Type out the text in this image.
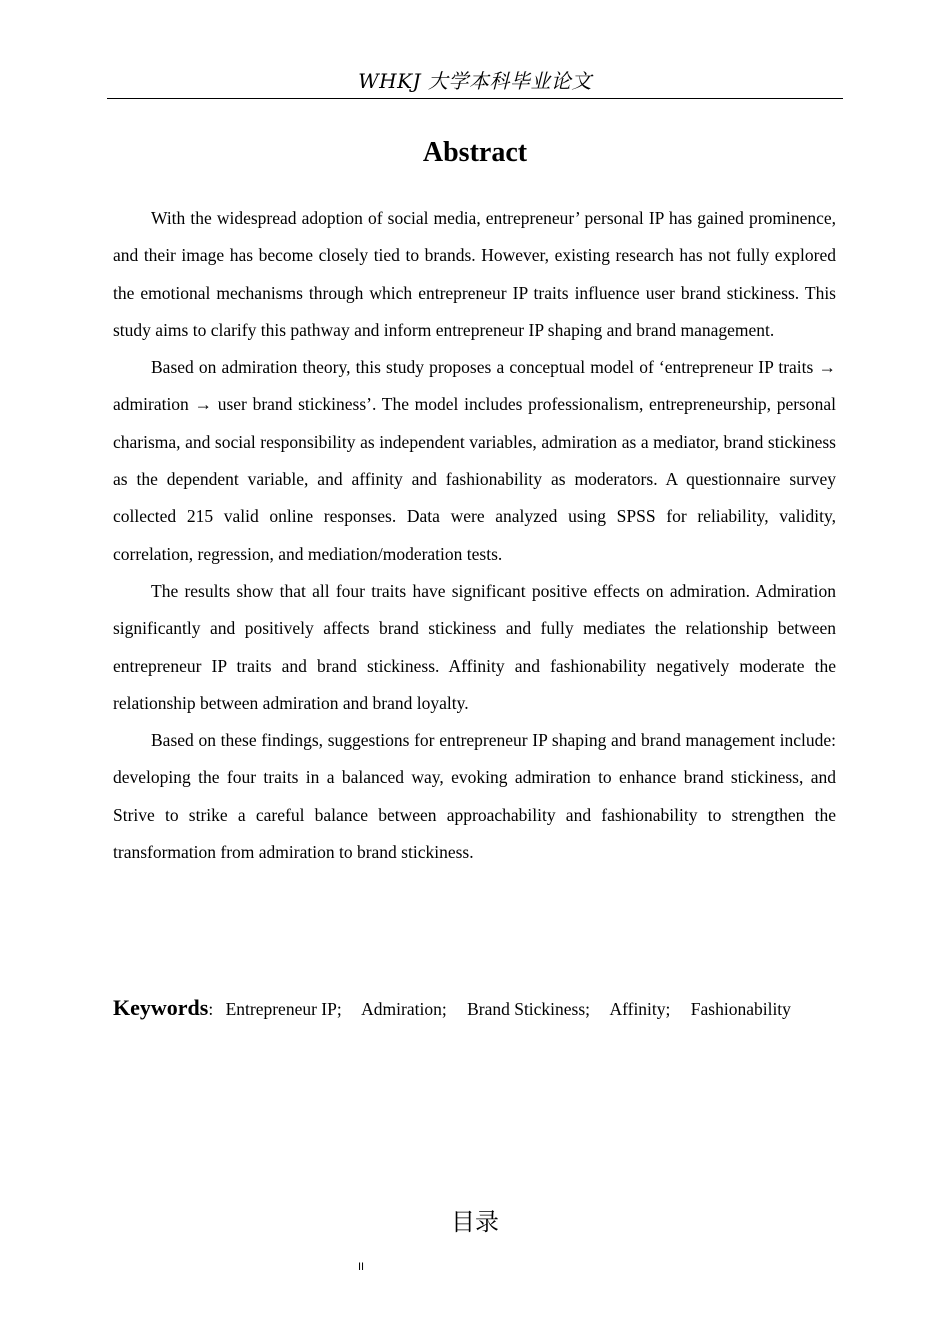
WHKJ 大学本科毕业论文
Abstract

With the widespread adoption of social media, entrepreneur’ personal IP has gained prominence, and their image has become closely tied to brands. However, existing research has not fully explored the emotional mechanisms through which entrepreneur IP traits influence user brand stickiness. This study aims to clarify this pathway and inform entrepreneur IP shaping and brand management.

Based on admiration theory, this study proposes a conceptual model of ‘entrepreneur IP traits → admiration → user brand stickiness’. The model includes professionalism, entrepreneurship, personal charisma, and social responsibility as independent variables, admiration as a mediator, brand stickiness as the dependent variable, and affinity and fashionability as moderators. A questionnaire survey collected 215 valid online responses. Data were analyzed using SPSS for reliability, validity, correlation, regression, and mediation/moderation tests.

The results show that all four traits have significant positive effects on admiration. Admiration significantly and positively affects brand stickiness and fully mediates the relationship between entrepreneur IP traits and brand stickiness. Affinity and fashionability negatively moderate the relationship between admiration and brand loyalty.

Based on these findings, suggestions for entrepreneur IP shaping and brand management include: developing the four traits in a balanced way, evoking admiration to enhance brand stickiness, and Strive to strike a careful balance between approachability and fashionability to strengthen the transformation from admiration to brand stickiness.

Keywords: Entrepreneur IP; Admiration; Brand Stickiness; Affinity; Fashionability
目录
II
